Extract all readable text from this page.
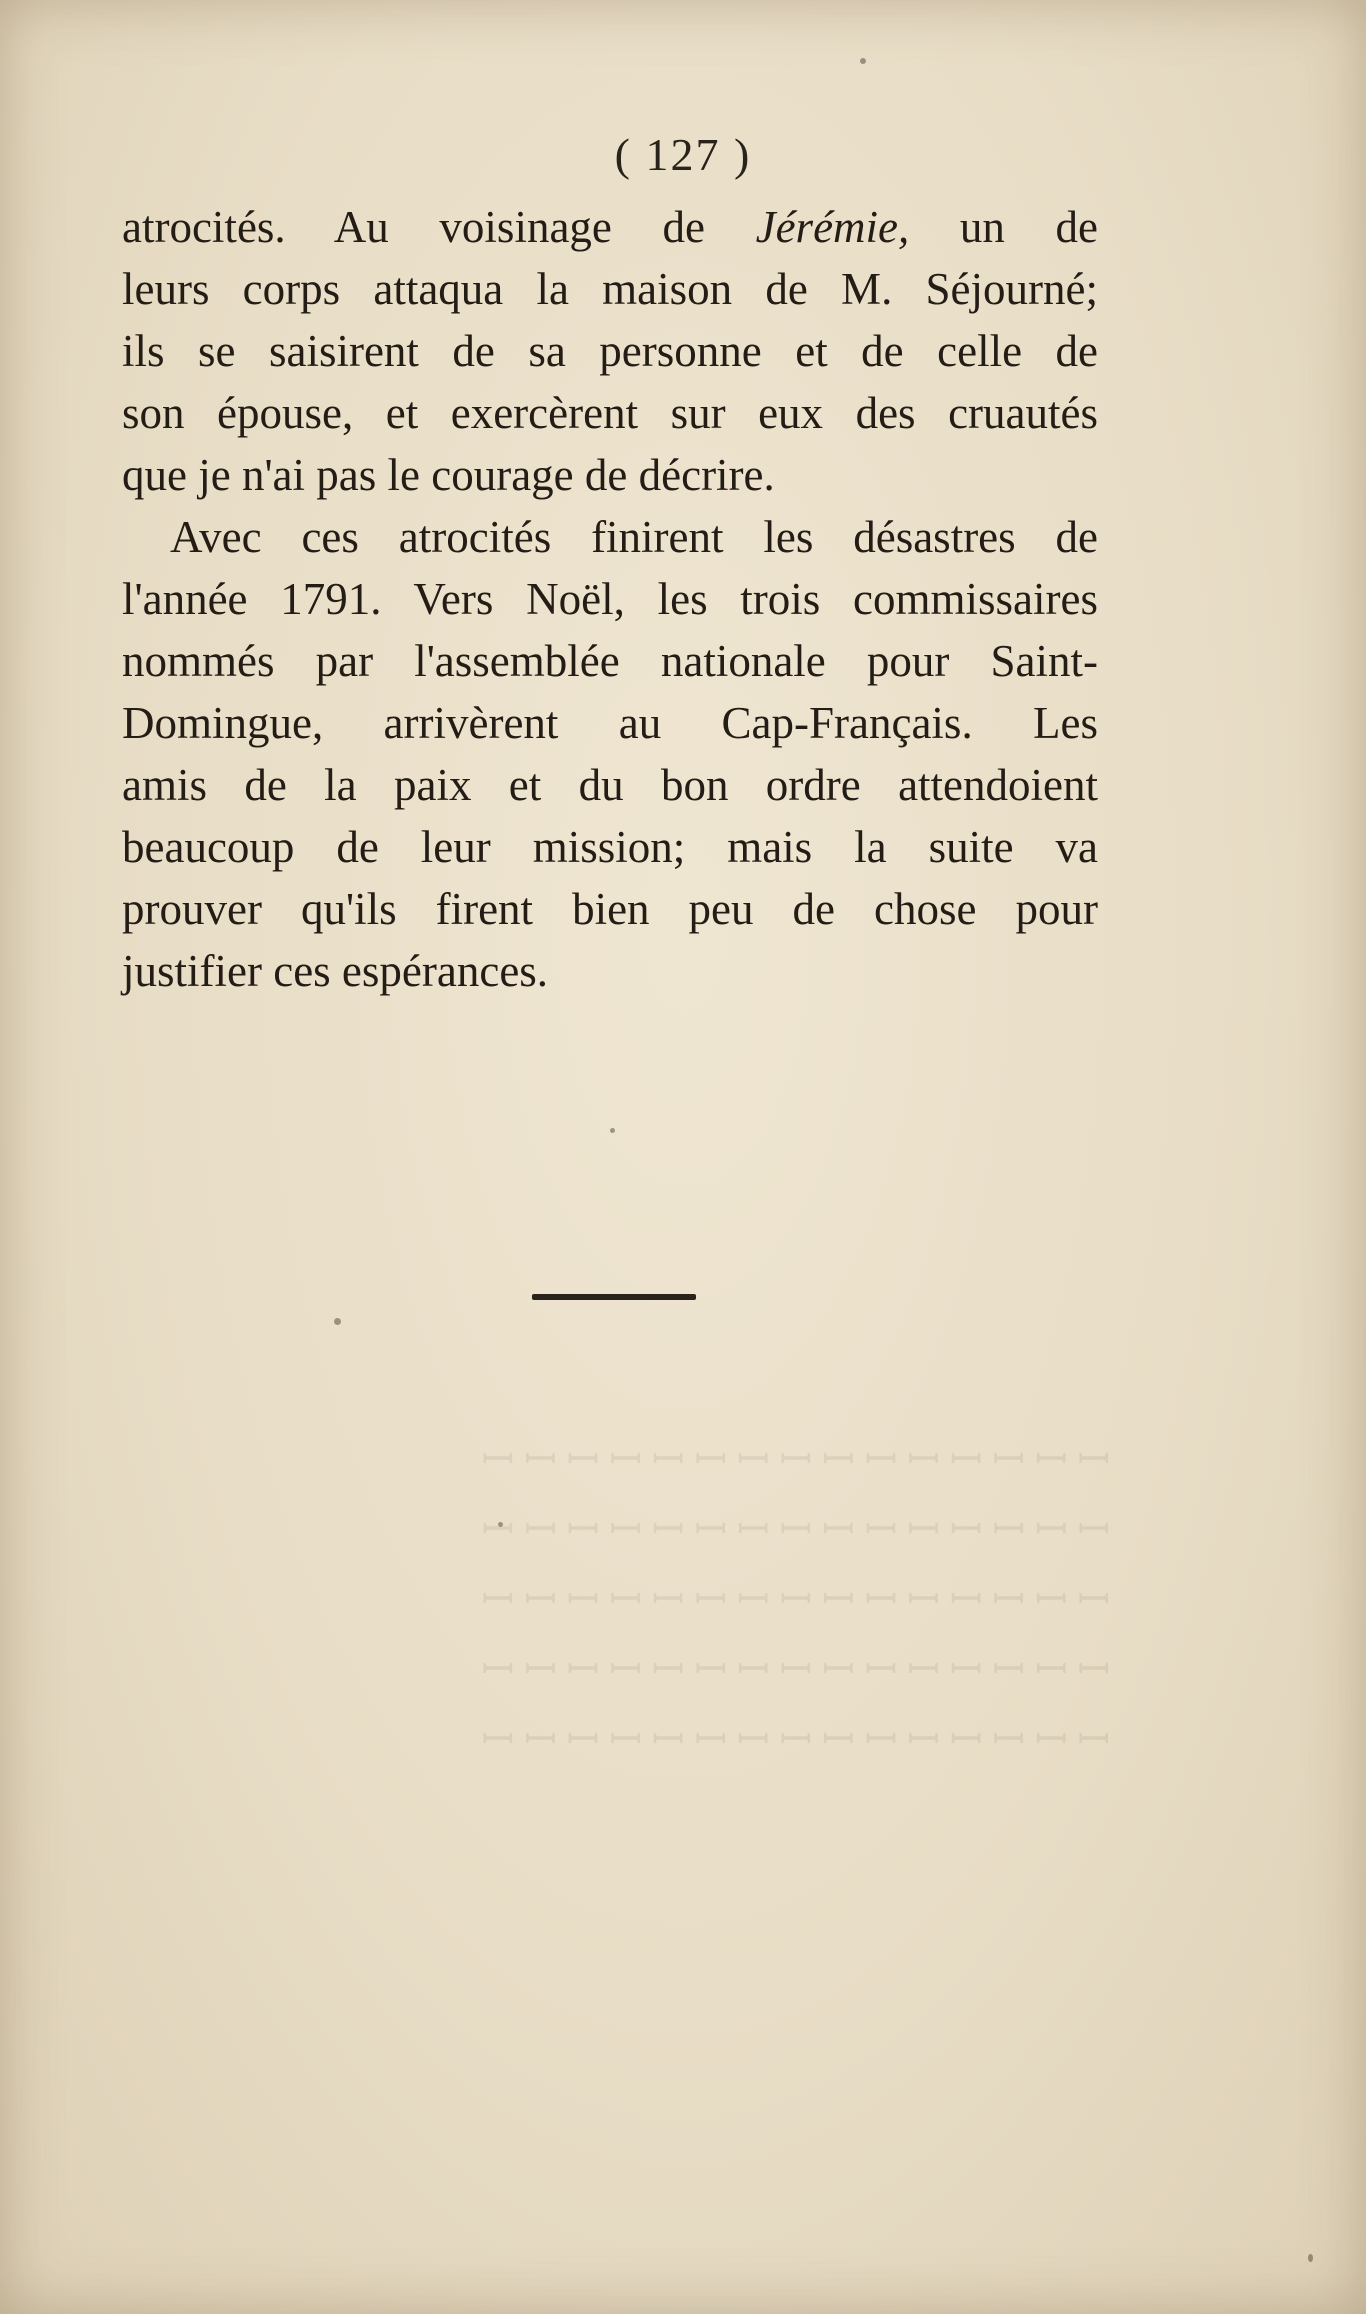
( 127 )
atrocités. Au voisinage de Jérémie, un de
leurs corps attaqua la maison de M. Séjourné;
ils se saisirent de sa personne et de celle de
son épouse, et exercèrent sur eux des cruautés
que je n'ai pas le courage de décrire.
Avec ces atrocités finirent les désastres de
l'année 1791. Vers Noël, les trois commissaires
nommés par l'assemblée nationale pour Saint-
Domingue, arrivèrent au Cap-Français. Les
amis de la paix et du bon ordre attendoient
beaucoup de leur mission; mais la suite va
prouver qu'ils firent bien peu de chose pour
justifier ces espérances.
ꟷ ꟷ ꟷ ꟷ ꟷ ꟷ ꟷ ꟷ ꟷ ꟷ ꟷ ꟷ ꟷ ꟷ ꟷ
ꟷ ꟷ ꟷ ꟷ ꟷ ꟷ ꟷ ꟷ ꟷ ꟷ ꟷ ꟷ ꟷ ꟷ ꟷ
ꟷ ꟷ ꟷ ꟷ ꟷ ꟷ ꟷ ꟷ ꟷ ꟷ ꟷ ꟷ ꟷ ꟷ ꟷ
ꟷ ꟷ ꟷ ꟷ ꟷ ꟷ ꟷ ꟷ ꟷ ꟷ ꟷ ꟷ ꟷ ꟷ ꟷ
ꟷ ꟷ ꟷ ꟷ ꟷ ꟷ ꟷ ꟷ ꟷ ꟷ ꟷ ꟷ ꟷ ꟷ ꟷ
